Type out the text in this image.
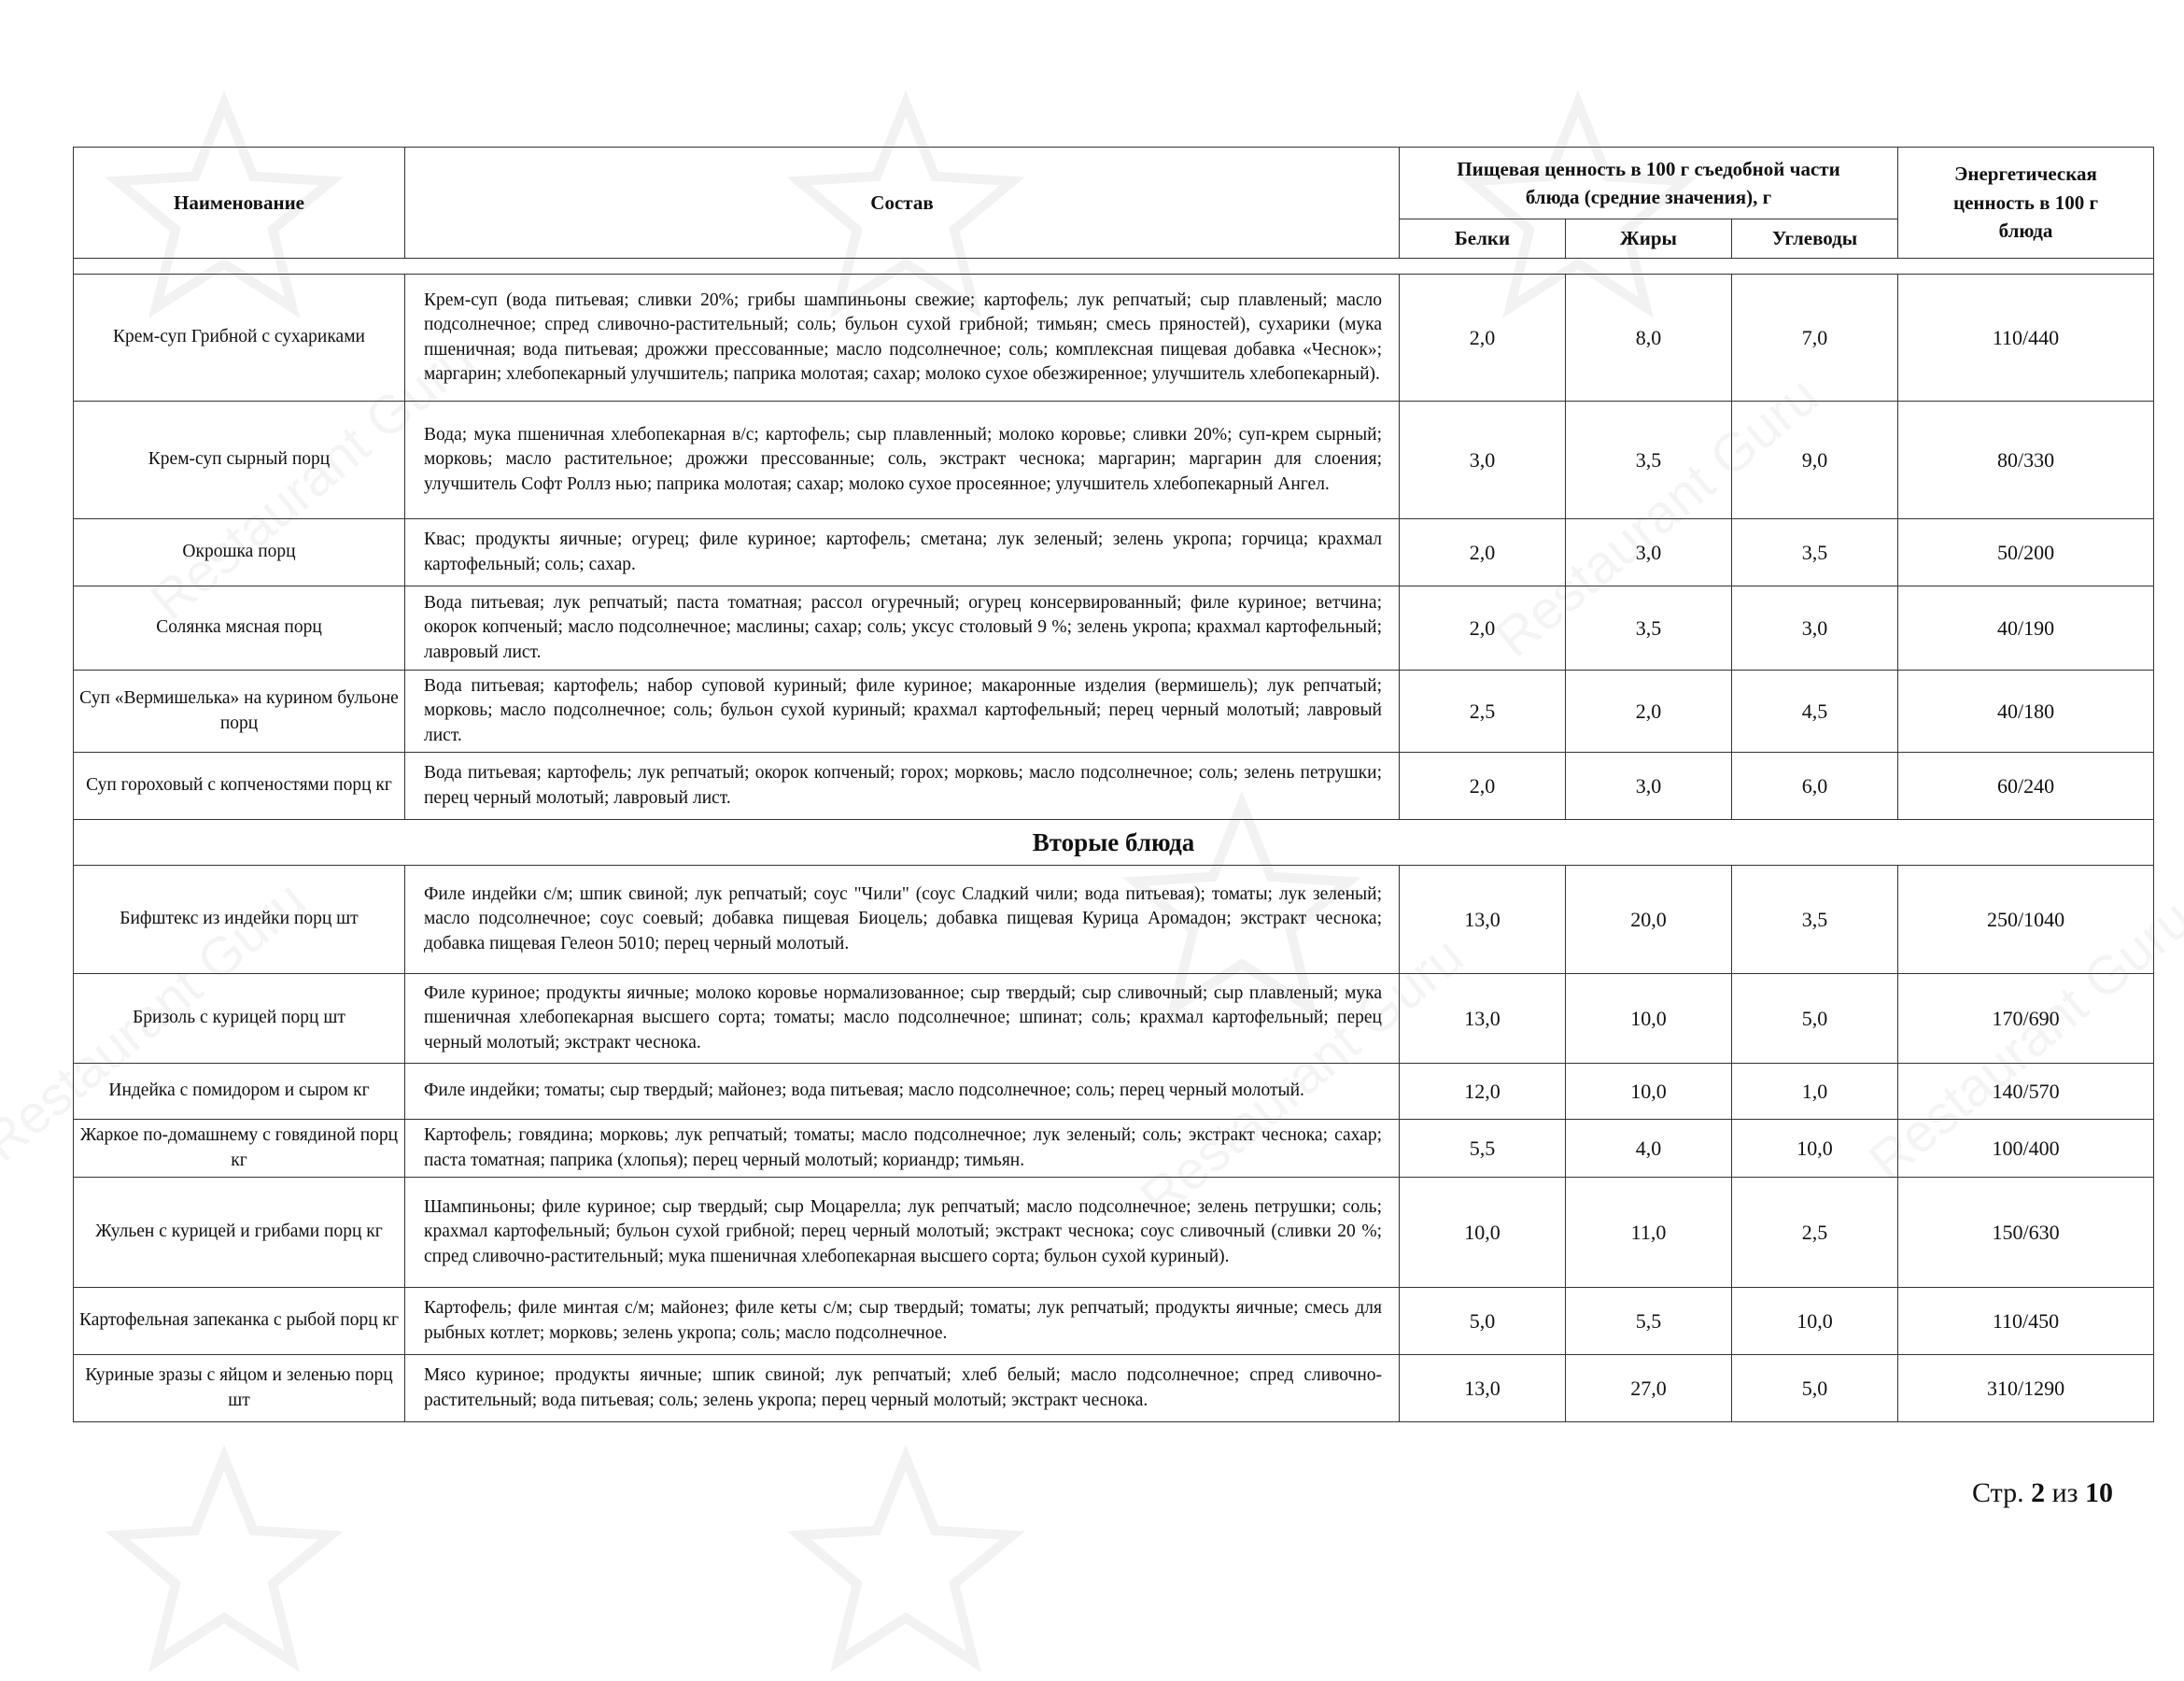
Наименование	Состав	Пищевая ценность в 100 г съедобной части блюда (средние значения), г			Энергетическая ценность в 100 г блюда
		Белки	Жиры	Углеводы	

Крем-суп Грибной с сухариками	Крем-суп (вода питьевая; сливки 20%; грибы шампиньоны свежие; картофель; лук репчатый; сыр плавленый; масло подсолнечное; спред сливочно-растительный; соль; бульон сухой грибной; тимьян; смесь пряностей), сухарики (мука пшеничная; вода питьевая; дрожжи прессованные; масло подсолнечное; соль; комплексная пищевая добавка «Чеснок»; маргарин; хлебопекарный улучшитель; паприка молотая; сахар; молоко сухое обезжиренное; улучшитель хлебопекарный).	2,0	8,0	7,0	110/440
Крем-суп сырный порц	Вода; мука пшеничная хлебопекарная в/с; картофель; сыр плавленный; молоко коровье; сливки 20%; суп-крем сырный; морковь; масло растительное; дрожжи прессованные; соль, экстракт чеснока; маргарин; маргарин для слоения; улучшитель Софт Роллз нью; паприка молотая; сахар; молоко сухое просеянное; улучшитель хлебопекарный Ангел.	3,0	3,5	9,0	80/330
Окрошка порц	Квас; продукты яичные; огурец; филе куриное; картофель; сметана; лук зеленый; зелень укропа; горчица; крахмал картофельный; соль; сахар.	2,0	3,0	3,5	50/200
Солянка мясная порц	Вода питьевая; лук репчатый; паста томатная; рассол огуречный; огурец консервированный; филе куриное; ветчина; окорок копченый; масло подсолнечное; маслины; сахар; соль; уксус столовый 9 %; зелень укропа; крахмал картофельный; лавровый лист.	2,0	3,5	3,0	40/190
Суп «Вермишелька» на курином бульоне порц	Вода питьевая; картофель; набор суповой куриный; филе куриное; макаронные изделия (вермишель); лук репчатый; морковь; масло подсолнечное; соль; бульон сухой куриный; крахмал картофельный; перец черный молотый; лавровый лист.	2,5	2,0	4,5	40/180
Суп гороховый с копченостями порц кг	Вода питьевая; картофель; лук репчатый; окорок копченый; горох; морковь; масло подсолнечное; соль; зелень петрушки; перец черный молотый; лавровый лист.	2,0	3,0	6,0	60/240
Вторые блюда					
Бифштекс из индейки порц шт	Филе индейки с/м; шпик свиной; лук репчатый; соус "Чили" (соус Сладкий чили; вода питьевая); томаты; лук зеленый; масло подсолнечное; соус соевый; добавка пищевая Биоцель; добавка пищевая Курица Аромадон; экстракт чеснока; добавка пищевая Гелеон 5010; перец черный молотый.	13,0	20,0	3,5	250/1040
Бризоль с курицей порц шт	Филе куриное; продукты яичные; молоко коровье нормализованное; сыр твердый; сыр сливочный; сыр плавленый; мука пшеничная хлебопекарная высшего сорта; томаты; масло подсолнечное; шпинат; соль; крахмал картофельный; перец черный молотый; экстракт чеснока.	13,0	10,0	5,0	170/690
Индейка с помидором и сыром кг	Филе индейки; томаты; сыр твердый; майонез; вода питьевая; масло подсолнечное; соль; перец черный молотый.	12,0	10,0	1,0	140/570
Жаркое по-домашнему с говядиной порц кг	Картофель; говядина; морковь; лук репчатый; томаты; масло подсолнечное; лук зеленый; соль; экстракт чеснока; сахар; паста томатная; паприка (хлопья); перец черный молотый; кориандр; тимьян.	5,5	4,0	10,0	100/400
Жульен с курицей и грибами порц кг	Шампиньоны; филе куриное; сыр твердый; сыр Моцарелла; лук репчатый; масло подсолнечное; зелень петрушки; соль; крахмал картофельный; бульон сухой грибной; перец черный молотый; экстракт чеснока; соус сливочный (сливки 20 %; спред сливочно-растительный; мука пшеничная хлебопекарная высшего сорта; бульон сухой куриный).	10,0	11,0	2,5	150/630
Картофельная запеканка с рыбой порц кг	Картофель; филе минтая с/м; майонез; филе кеты с/м; сыр твердый; томаты; лук репчатый; продукты яичные; смесь для рыбных котлет; морковь; зелень укропа; соль; масло подсолнечное.	5,0	5,5	10,0	110/450
Куриные зразы с яйцом и зеленью порц шт	Мясо куриное; продукты яичные; шпик свиной; лук репчатый; хлеб белый; масло подсолнечное; спред сливочно-растительный; вода питьевая; соль; зелень укропа; перец черный молотый; экстракт чеснока.	13,0	27,0	5,0	310/1290
Стр. 2 из 10
